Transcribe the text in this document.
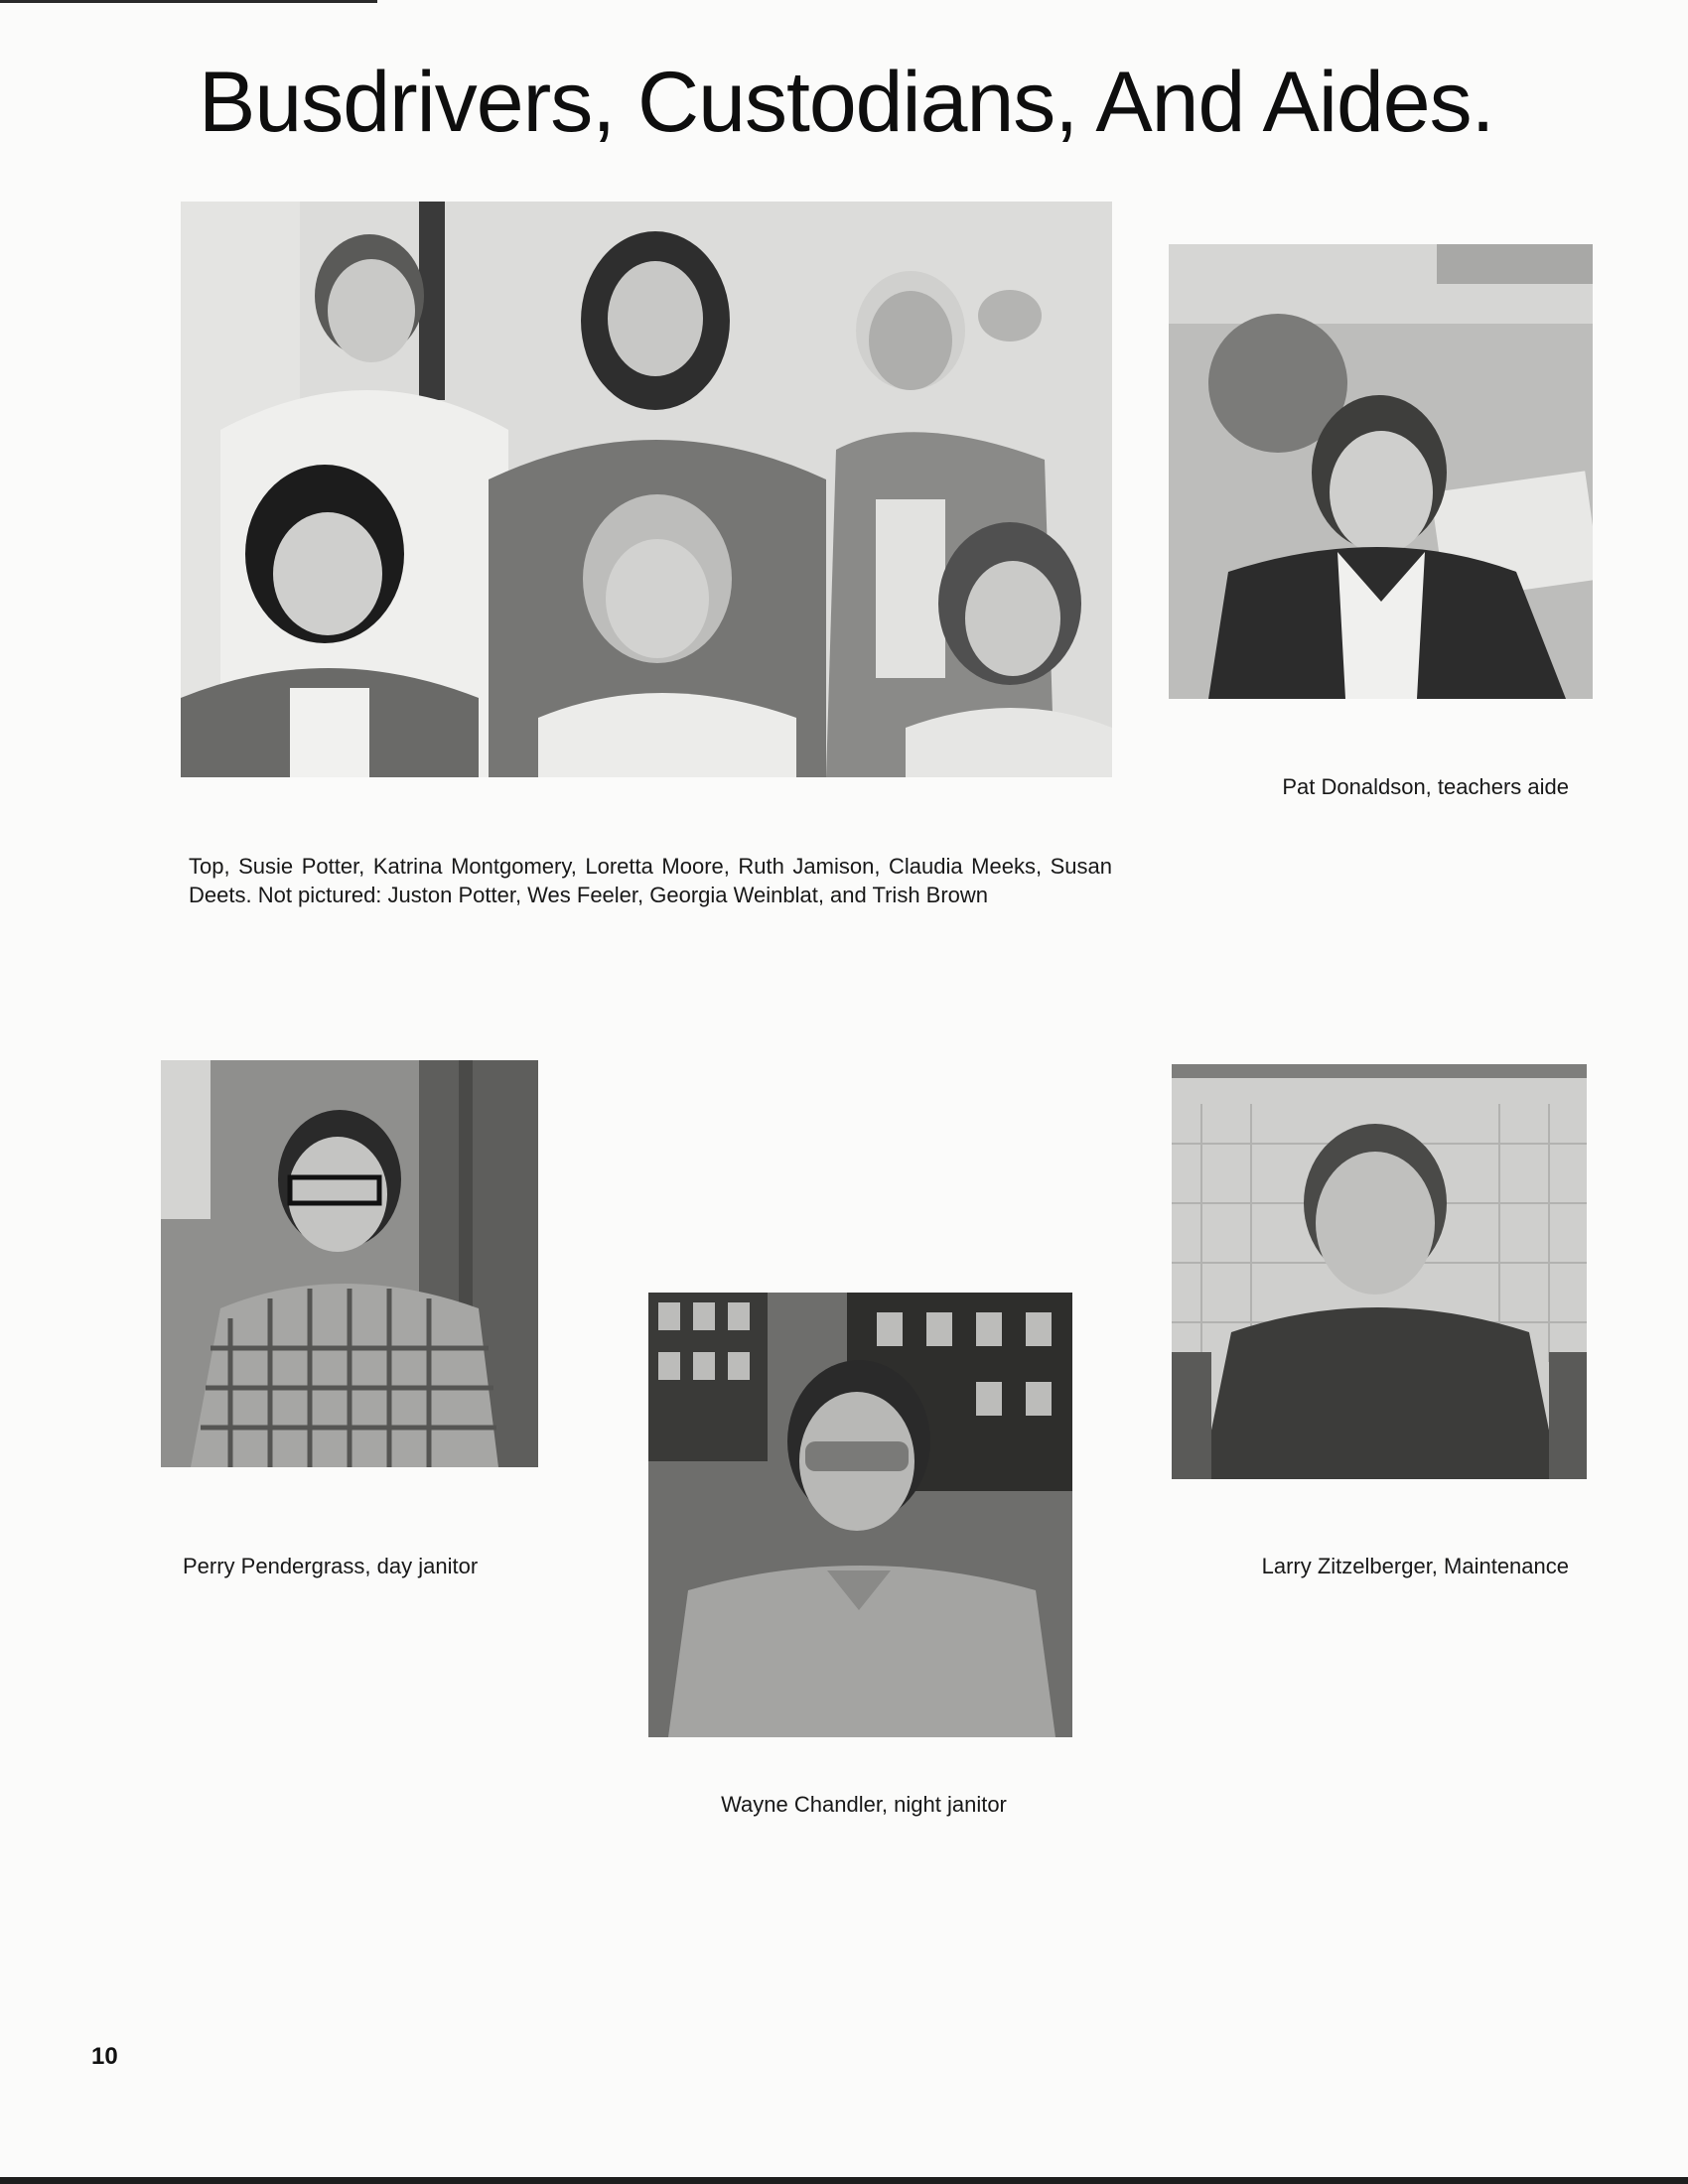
Busdrivers, Custodians, And Aides.
Pat Donaldson, teachers aide
Top, Susie Potter, Katrina Montgomery, Loretta Moore, Ruth Jamison, Claudia Meeks, Susan Deets. Not pictured: Juston Potter, Wes Feeler, Georgia Weinblat, and Trish Brown
Perry Pendergrass, day janitor	Larry Zitzelberger, Maintenance
Wayne Chandler, night janitor
10
